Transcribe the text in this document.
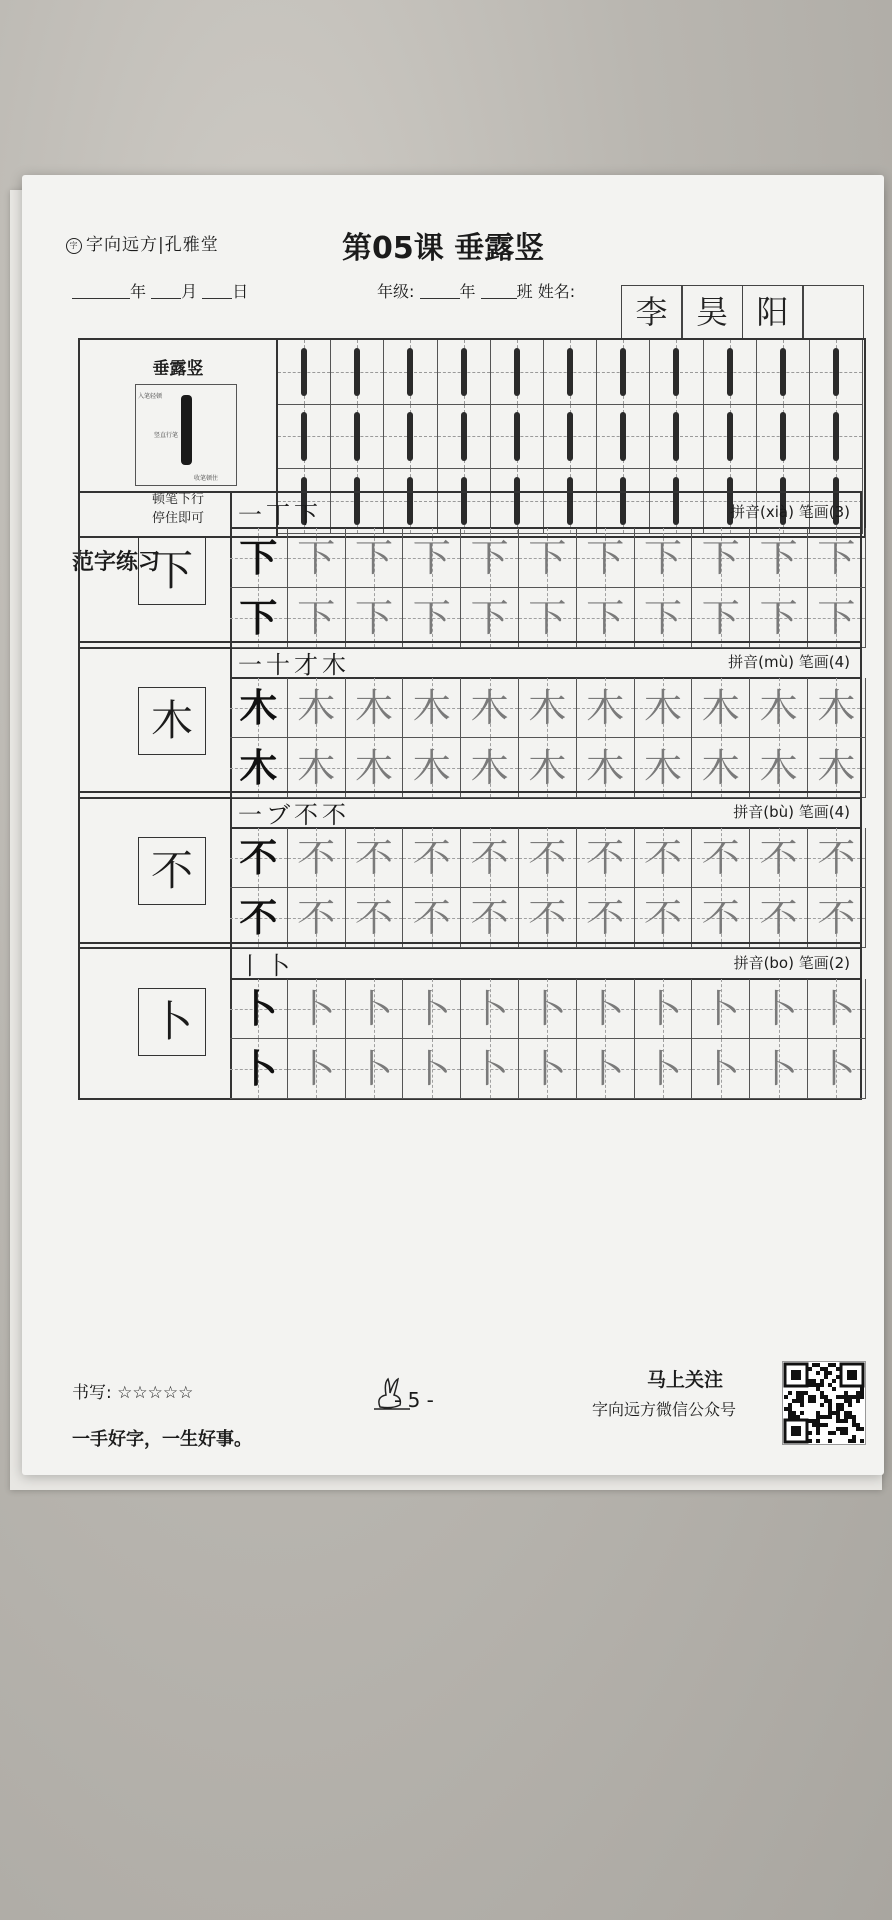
字 字向远方|孔雅堂	第05课 垂露竖
年 月 日	年级:	年	班 姓名:
李 昊 阳
垂露竖
入笔轻顿
竖直行笔
收笔顿住
顿笔下行
停住即可
范字练习
下
一丅下	拼音(xià) 笔画(3)
下 下 下 下 下 下 下 下 下 下 下
下 下 下 下 下 下 下 下 下 下 下
木
一十才木	拼音(mù) 笔画(4)
木 木 木 木 木 木 木 木 木 木 木
木 木 木 木 木 木 木 木 木 木 木
不
一ブ不不	拼音(bù) 笔画(4)
不 不 不 不 不 不 不 不 不 不 不
不 不 不 不 不 不 不 不 不 不 不
卜
丨卜	拼音(bo) 笔画(2)
卜 卜 卜 卜 卜 卜 卜 卜 卜 卜 卜
卜 卜 卜 卜 卜 卜 卜 卜 卜 卜 卜
书写: ☆☆☆☆☆
一手好字，一生好事。
- 5 -
马上关注
字向远方微信公众号
